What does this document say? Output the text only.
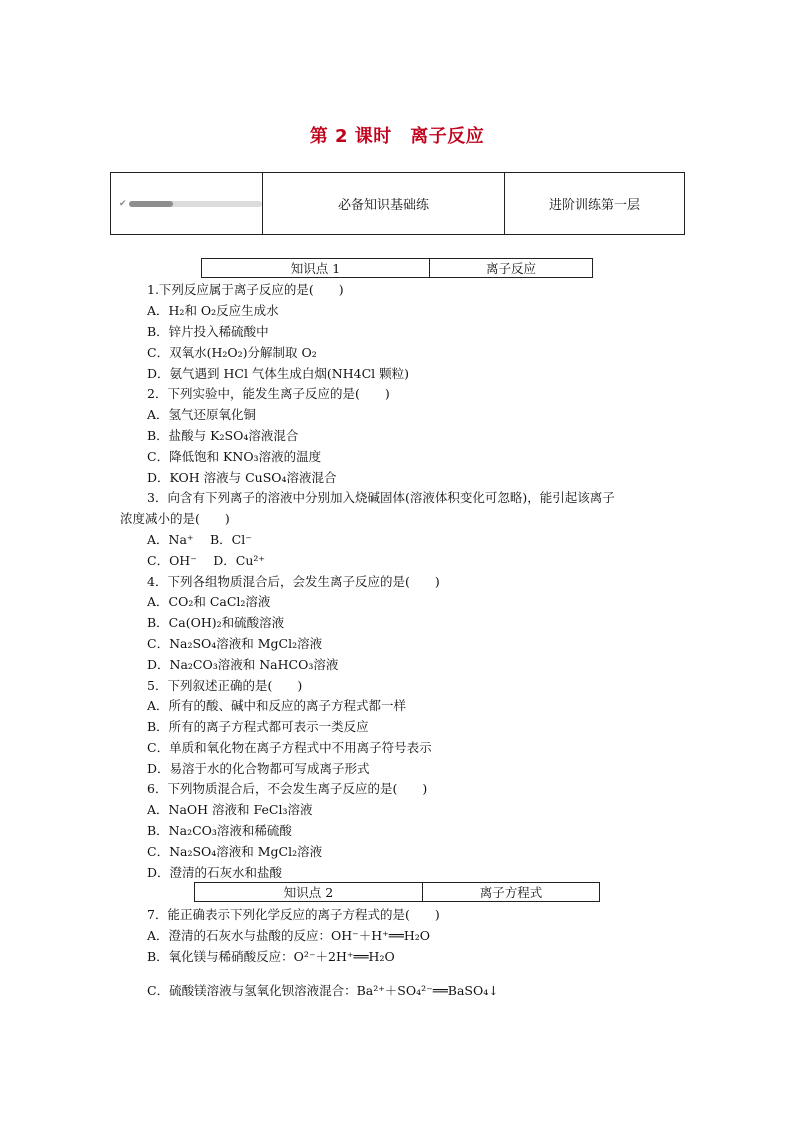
第 2 课时　离子反应
✔	必备知识基础练	进阶训练第一层
知识点 1	离子反应
1.下列反应属于离子反应的是(　　)
A．H₂和 O₂反应生成水
B．锌片投入稀硫酸中
C．双氧水(H₂O₂)分解制取 O₂
D．氨气遇到 HCl 气体生成白烟(NH4Cl 颗粒)
2．下列实验中，能发生离子反应的是(　　)
A．氢气还原氧化铜
B．盐酸与 K₂SO₄溶液混合
C．降低饱和 KNO₃溶液的温度
D．KOH 溶液与 CuSO₄溶液混合
3．向含有下列离子的溶液中分别加入烧碱固体(溶液体积变化可忽略)，能引起该离子
浓度减小的是(　　)
A．Na⁺　 B．Cl⁻
C．OH⁻　 D．Cu²⁺
4．下列各组物质混合后，会发生离子反应的是(　　)
A．CO₂和 CaCl₂溶液
B．Ca(OH)₂和硫酸溶液
C．Na₂SO₄溶液和 MgCl₂溶液
D．Na₂CO₃溶液和 NaHCO₃溶液
5．下列叙述正确的是(　　)
A．所有的酸、碱中和反应的离子方程式都一样
B．所有的离子方程式都可表示一类反应
C．单质和氧化物在离子方程式中不用离子符号表示
D．易溶于水的化合物都可写成离子形式
6．下列物质混合后，不会发生离子反应的是(　　)
A．NaOH 溶液和 FeCl₃溶液
B．Na₂CO₃溶液和稀硫酸
C．Na₂SO₄溶液和 MgCl₂溶液
D．澄清的石灰水和盐酸
知识点 2	离子方程式
7．能正确表示下列化学反应的离子方程式的是(　　)
A．澄清的石灰水与盐酸的反应：OH⁻＋H⁺══H₂O
B．氧化镁与稀硝酸反应：O²⁻＋2H⁺══H₂O
C．硫酸镁溶液与氢氧化钡溶液混合：Ba²⁺＋SO₄²⁻══BaSO₄↓
